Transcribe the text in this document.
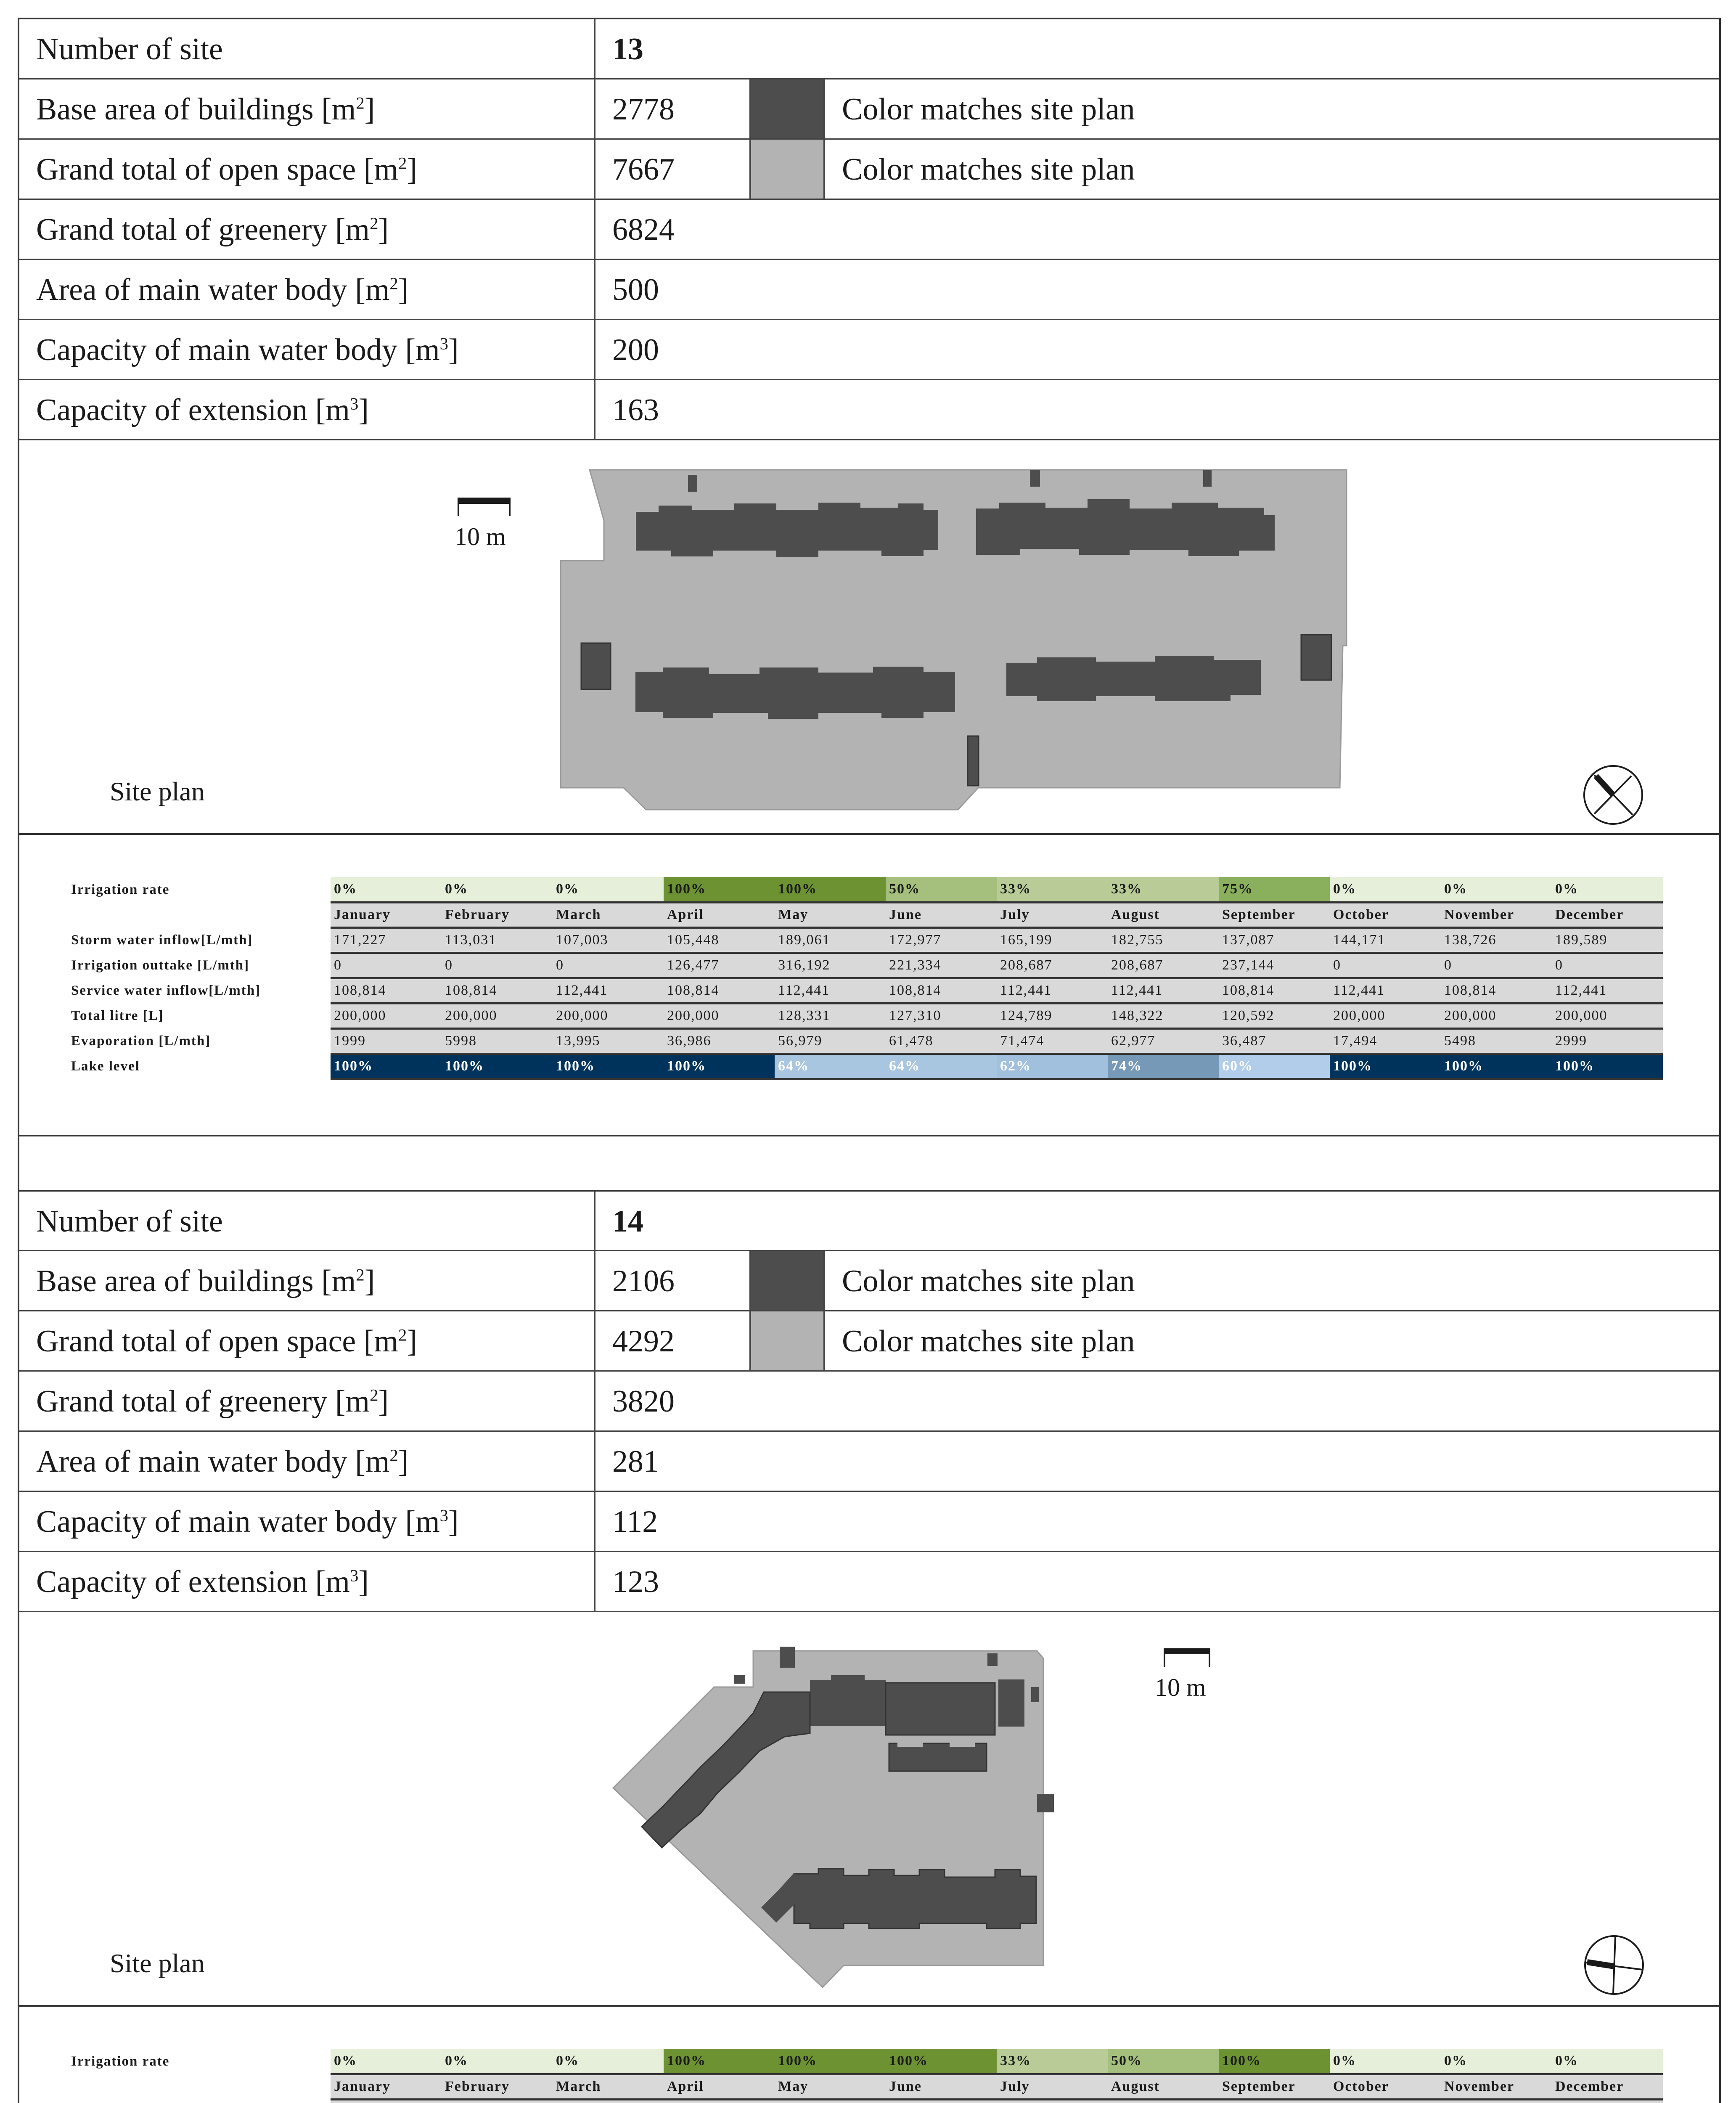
Number of site	13
Base area of buildings $[m^2]$	2778	Color matches site plan
Grand total of open space $[m^2]$	7667	Color matches site plan
Grand total of greenery $[m^2]$	6824
Area of main water body $[m^2]$	500
Capacity of main water body $[m^3]$	200
Capacity of extension $[m^3]$	163
10 m
Site plan
Irrigation rate	0%	0%	0%	100%	100%	50%	33%	33%	75%	0%	0%	0%
	January	February	March	April	May	June	July	August	September	October	November	December
Storm water inflow[L/mth]	171,227	113,031	107,003	105,448	189,061	172,977	165,199	182,755	137,087	144,171	138,726	189,589
Irrigation outtake [L/mth]	0	0	0	126,477	316,192	221,334	208,687	208,687	237,144	0	0	0
Service water inflow[L/mth]	108,814	108,814	112,441	108,814	112,441	108,814	112,441	112,441	108,814	112,441	108,814	112,441
Total litre [L]	200,000	200,000	200,000	200,000	128,331	127,310	124,789	148,322	120,592	200,000	200,000	200,000
Evaporation [L/mth]	1999	5998	13,995	36,986	56,979	61,478	71,474	62,977	36,487	17,494	5498	2999
Lake level	100%	100%	100%	100%	64%	64%	62%	74%	60%	100%	100%	100%
Number of site	14
Base area of buildings $[m^2]$	2106	Color matches site plan
Grand total of open space $[m^2]$	4292	Color matches site plan
Grand total of greenery $[m^2]$	3820
Area of main water body $[m^2]$	281
Capacity of main water body $[m^3]$	112
Capacity of extension $[m^3]$	123
10 m
Site plan
Irrigation rate	0%	0%	0%	100%	100%	100%	33%	50%	100%	0%	0%	0%
	January	February	March	April	May	June	July	August	September	October	November	December
